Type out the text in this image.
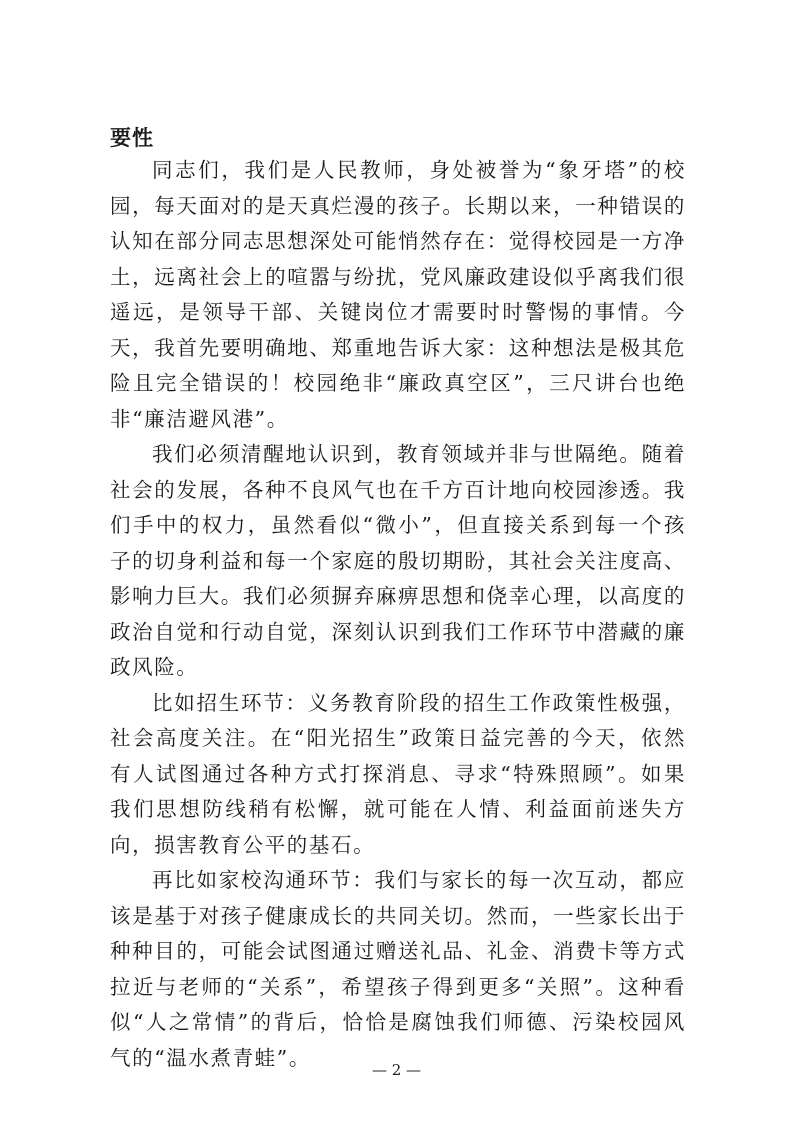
要性

同志们，我们是人民教师，身处被誉为“象牙塔”的校园，每天面对的是天真烂漫的孩子。长期以来，一种错误的认知在部分同志思想深处可能悄然存在：觉得校园是一方净土，远离社会上的喧嚣与纷扰，党风廉政建设似乎离我们很遥远，是领导干部、关键岗位才需要时时警惕的事情。今天，我首先要明确地、郑重地告诉大家：这种想法是极其危险且完全错误的！校园绝非“廉政真空区”，三尺讲台也绝非“廉洁避风港”。

我们必须清醒地认识到，教育领域并非与世隔绝。随着社会的发展，各种不良风气也在千方百计地向校园渗透。我们手中的权力，虽然看似“微小”，但直接关系到每一个孩子的切身利益和每一个家庭的殷切期盼，其社会关注度高、影响力巨大。我们必须摒弃麻痹思想和侥幸心理，以高度的政治自觉和行动自觉，深刻认识到我们工作环节中潜藏的廉政风险。

比如招生环节：义务教育阶段的招生工作政策性极强，社会高度关注。在“阳光招生”政策日益完善的今天，依然有人试图通过各种方式打探消息、寻求“特殊照顾”。如果我们思想防线稍有松懈，就可能在人情、利益面前迷失方向，损害教育公平的基石。

再比如家校沟通环节：我们与家长的每一次互动，都应该是基于对孩子健康成长的共同关切。然而，一些家长出于种种目的，可能会试图通过赠送礼品、礼金、消费卡等方式拉近与老师的“关系”，希望孩子得到更多“关照”。这种看似“人之常情”的背后，恰恰是腐蚀我们师德、污染校园风气的“温水煮青蛙”。

— 2 —
